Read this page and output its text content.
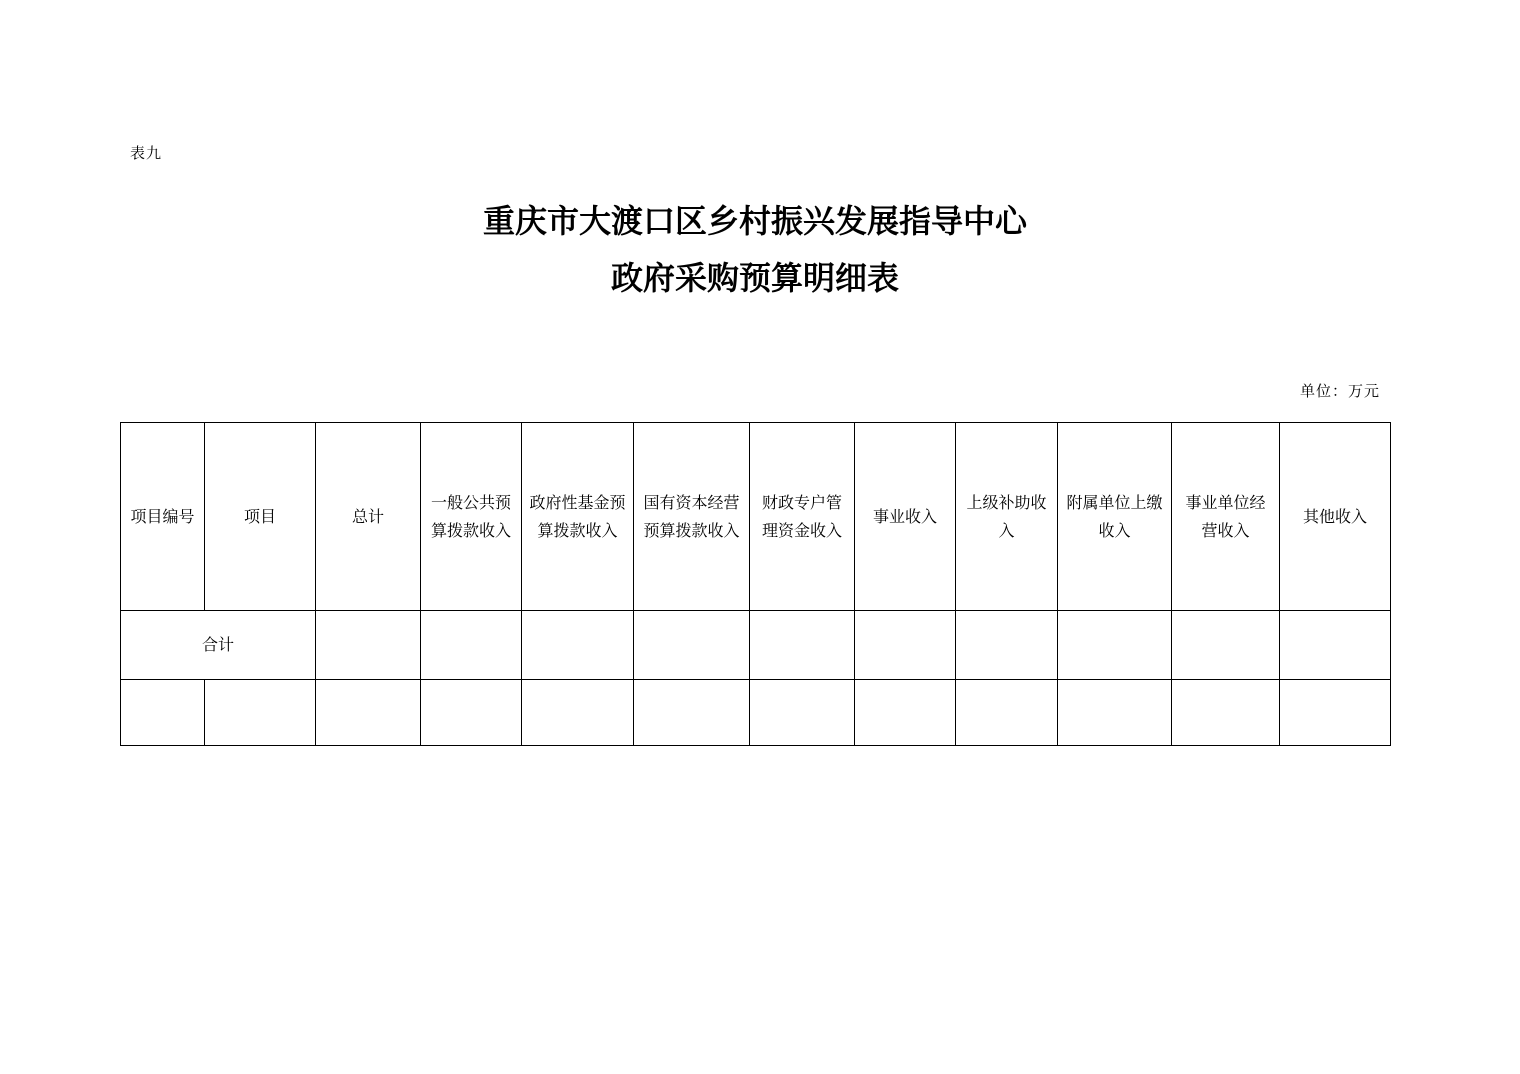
表九
重庆市大渡口区乡村振兴发展指导中心
政府采购预算明细表
单位：万元
项目编号	项目	总计	一般公共预算拨款收入	政府性基金预算拨款收入	国有资本经营预算拨款收入	财政专户管理资金收入	事业收入	上级补助收入	附属单位上缴收入	事业单位经营收入	其他收入
合计											
